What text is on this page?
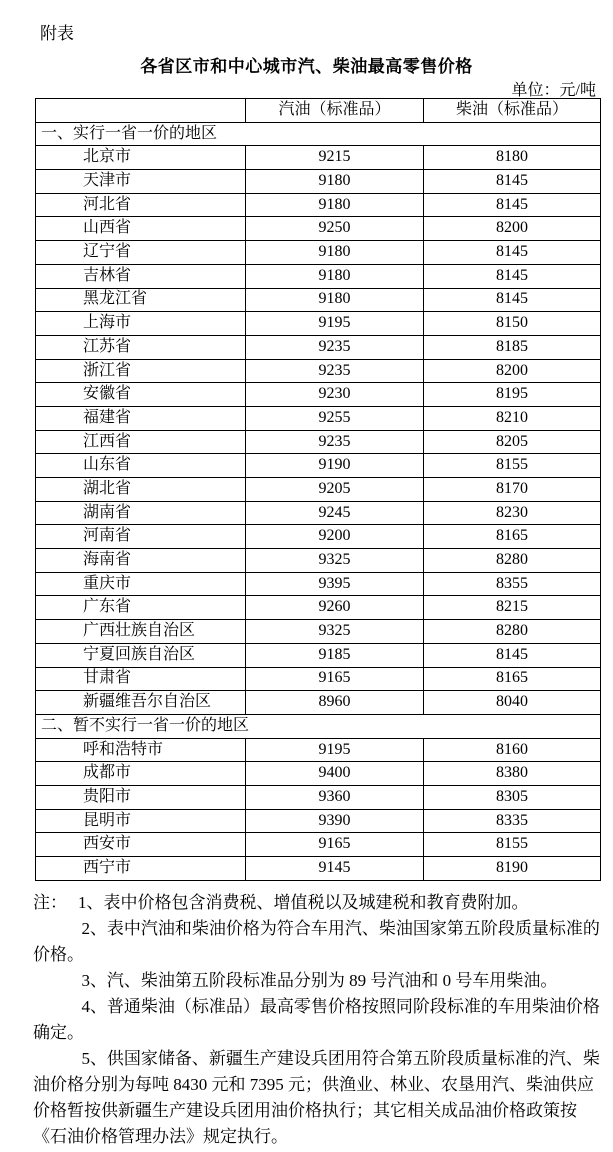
附表
各省区市和中心城市汽、柴油最高零售价格
单位：元/吨
	汽油（标准品）	柴油（标准品）
一、实行一省一价的地区		
北京市	9215	8180
天津市	9180	8145
河北省	9180	8145
山西省	9250	8200
辽宁省	9180	8145
吉林省	9180	8145
黑龙江省	9180	8145
上海市	9195	8150
江苏省	9235	8185
浙江省	9235	8200
安徽省	9230	8195
福建省	9255	8210
江西省	9235	8205
山东省	9190	8155
湖北省	9205	8170
湖南省	9245	8230
河南省	9200	8165
海南省	9325	8280
重庆市	9395	8355
广东省	9260	8215
广西壮族自治区	9325	8280
宁夏回族自治区	9185	8145
甘肃省	9165	8165
新疆维吾尔自治区	8960	8040
二、暂不实行一省一价的地区		
呼和浩特市	9195	8160
成都市	9400	8380
贵阳市	9360	8305
昆明市	9390	8335
西安市	9165	8155
西宁市	9145	8190

注： 1、表中价格包含消费税、增值税以及城建税和教育费附加。

2、表中汽油和柴油价格为符合车用汽、柴油国家第五阶段质量标准的价格。

3、汽、柴油第五阶段标准品分别为 89 号汽油和 0 号车用柴油。

4、普通柴油（标准品）最高零售价格按照同阶段标准的车用柴油价格确定。

5、供国家储备、新疆生产建设兵团用符合第五阶段质量标准的汽、柴油价格分别为每吨 8430 元和 7395 元；供渔业、林业、农垦用汽、柴油供应价格暂按供新疆生产建设兵团用油价格执行；其它相关成品油价格政策按《石油价格管理办法》规定执行。
